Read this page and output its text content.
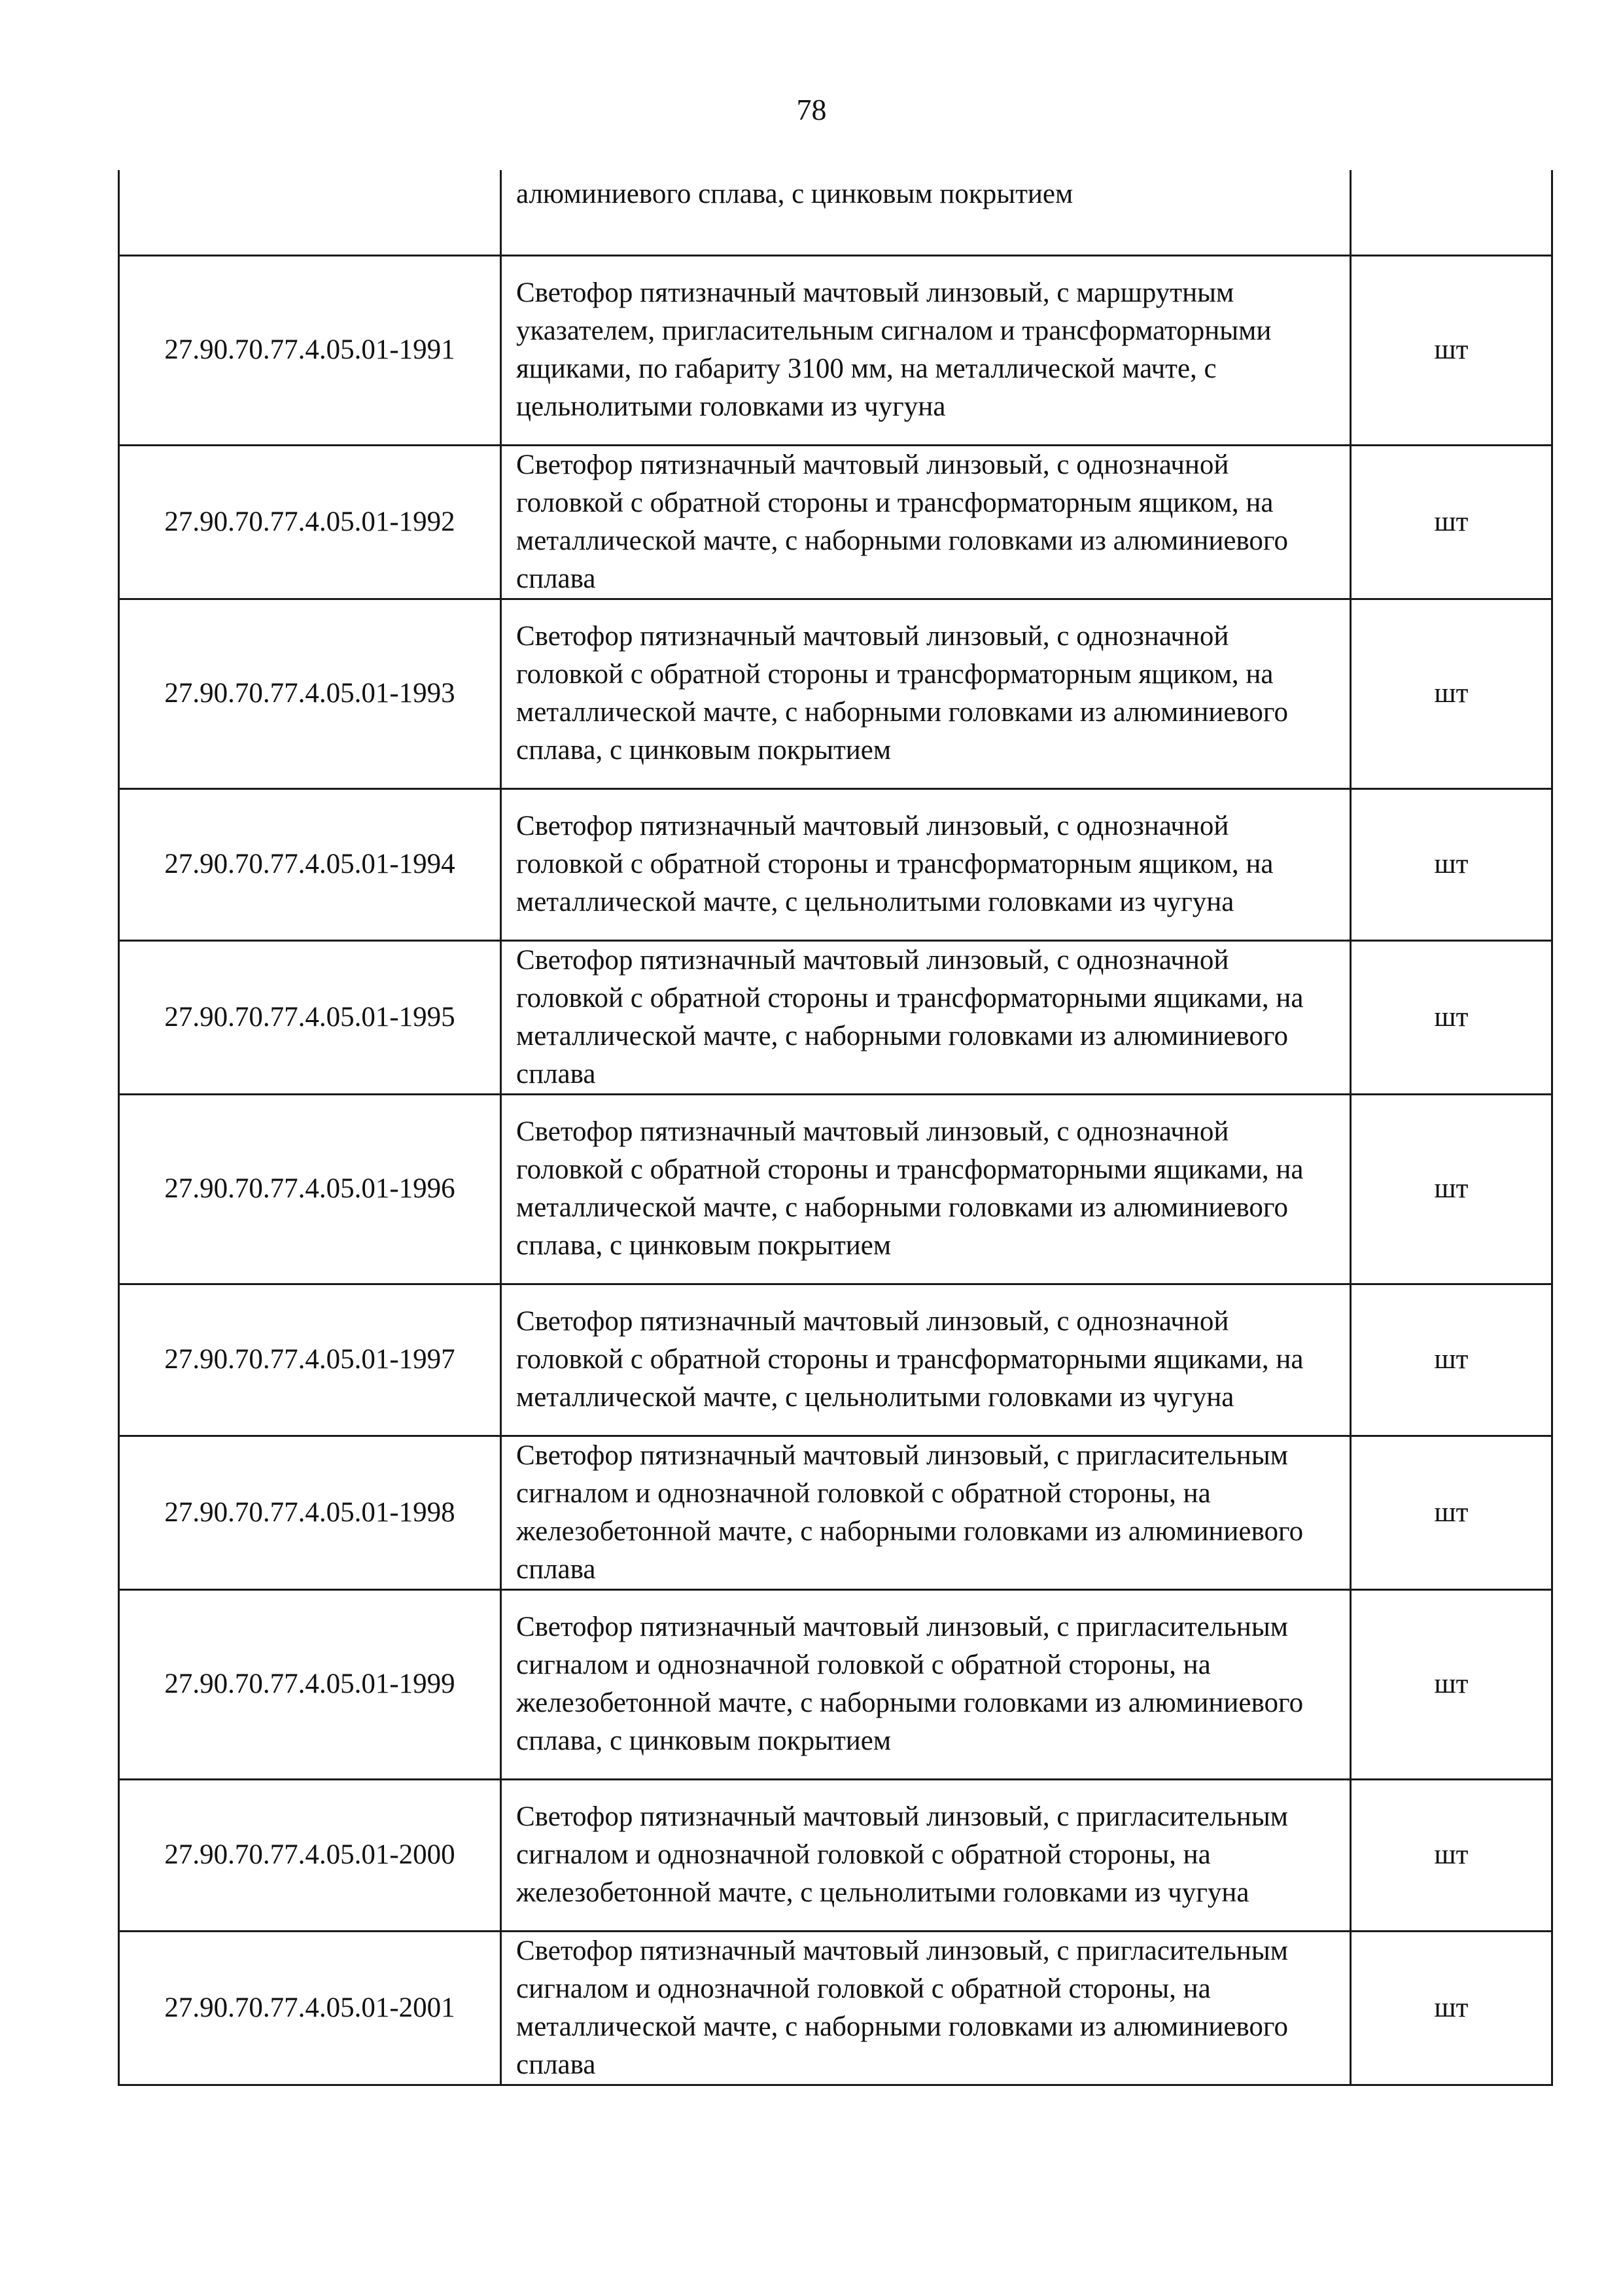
78
	алюминиевого сплава, с цинковым покрытием	
27.90.70.77.4.05.01-1991	Светофор пятизначный мачтовый линзовый, с маршрутным указателем, пригласительным сигналом и трансформаторными ящиками, по габариту 3100 мм, на металлической мачте, с цельнолитыми головками из чугуна	шт
27.90.70.77.4.05.01-1992	Светофор пятизначный мачтовый линзовый, с однозначной головкой с обратной стороны и трансформаторным ящиком, на металлической мачте, с наборными головками из алюминиевого сплава	шт
27.90.70.77.4.05.01-1993	Светофор пятизначный мачтовый линзовый, с однозначной головкой с обратной стороны и трансформаторным ящиком, на металлической мачте, с наборными головками из алюминиевого сплава, с цинковым покрытием	шт
27.90.70.77.4.05.01-1994	Светофор пятизначный мачтовый линзовый, с однозначной головкой с обратной стороны и трансформаторным ящиком, на металлической мачте, с цельнолитыми головками из чугуна	шт
27.90.70.77.4.05.01-1995	Светофор пятизначный мачтовый линзовый, с однозначной головкой с обратной стороны и трансформаторными ящиками, на металлической мачте, с наборными головками из алюминиевого сплава	шт
27.90.70.77.4.05.01-1996	Светофор пятизначный мачтовый линзовый, с однозначной головкой с обратной стороны и трансформаторными ящиками, на металлической мачте, с наборными головками из алюминиевого сплава, с цинковым покрытием	шт
27.90.70.77.4.05.01-1997	Светофор пятизначный мачтовый линзовый, с однозначной головкой с обратной стороны и трансформаторными ящиками, на металлической мачте, с цельнолитыми головками из чугуна	шт
27.90.70.77.4.05.01-1998	Светофор пятизначный мачтовый линзовый, с пригласительным сигналом и однозначной головкой с обратной стороны, на железобетонной мачте, с наборными головками из алюминиевого сплава	шт
27.90.70.77.4.05.01-1999	Светофор пятизначный мачтовый линзовый, с пригласительным сигналом и однозначной головкой с обратной стороны, на железобетонной мачте, с наборными головками из алюминиевого сплава, с цинковым покрытием	шт
27.90.70.77.4.05.01-2000	Светофор пятизначный мачтовый линзовый, с пригласительным сигналом и однозначной головкой с обратной стороны, на железобетонной мачте, с цельнолитыми головками из чугуна	шт
27.90.70.77.4.05.01-2001	Светофор пятизначный мачтовый линзовый, с пригласительным сигналом и однозначной головкой с обратной стороны, на металлической мачте, с наборными головками из алюминиевого сплава	шт
